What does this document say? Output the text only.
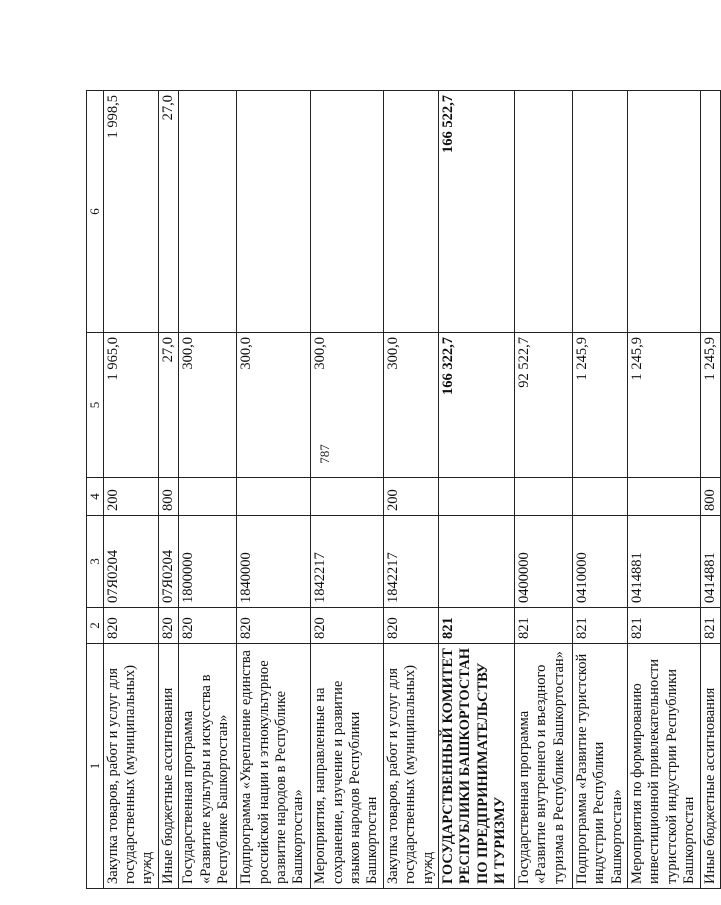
787
1	2	3	4	5	6
Закупка товаров, работ и услуг для государственных (муниципальных) нужд	820	07Я0204	200	1 965,0	1 998,5
Иные бюджетные ассигнования	820	07Я0204	800	27,0	27,0
Государственная программа «Развитие культуры и искусства в Республике Башкортостан»	820	1800000		300,0	
Подпрограмма «Укрепление единства российской нации и этнокультурное развитие народов в Республике Башкортостан»	820	1840000		300,0	
Мероприятия, направленные на сохранение, изучение и развитие языков народов Республики Башкортостан	820	1842217		300,0	
Закупка товаров, работ и услуг для государственных (муниципальных) нужд	820	1842217	200	300,0	
ГОСУДАРСТВЕННЫЙ КОМИТЕТ РЕСПУБЛИКИ БАШКОРТОСТАН ПО ПРЕДПРИНИМАТЕЛЬСТВУ И ТУРИЗМУ	821			166 322,7	166 522,7
Государственная программа «Развитие внутреннего и въездного туризма в Республике Башкортостан»	821	0400000		92 522,7	
Подпрограмма «Развитие туристской индустрии Республики Башкортостан»	821	0410000		1 245,9	
Мероприятия по формированию инвестиционной привлекательности туристской индустрии Республики Башкортостан	821	0414881		1 245,9	
Иные бюджетные ассигнования	821	0414881	800	1 245,9	
